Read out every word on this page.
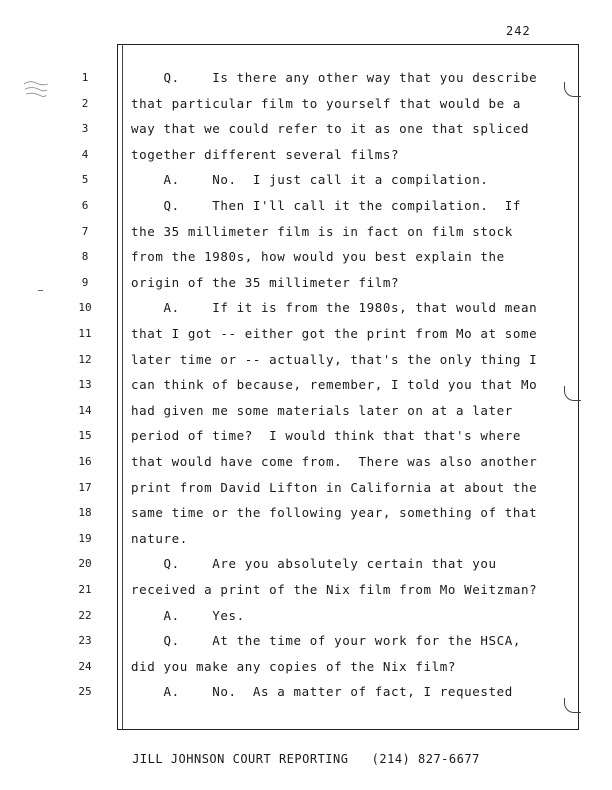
242
1	Q.    Is there any other way that you describe
2	that particular film to yourself that would be a
3	way that we could refer to it as one that spliced
4	together different several films?
5	A.    No.  I just call it a compilation.
6	Q.    Then I'll call it the compilation.  If
7	the 35 millimeter film is in fact on film stock
8	from the 1980s, how would you best explain the
9	origin of the 35 millimeter film?
10	A.    If it is from the 1980s, that would mean
11	that I got -- either got the print from Mo at some
12	later time or -- actually, that's the only thing I
13	can think of because, remember, I told you that Mo
14	had given me some materials later on at a later
15	period of time?  I would think that that's where
16	that would have come from.  There was also another
17	print from David Lifton in California at about the
18	same time or the following year, something of that
19	nature.
20	Q.    Are you absolutely certain that you
21	received a print of the Nix film from Mo Weitzman?
22	A.    Yes.
23	Q.    At the time of your work for the HSCA,
24	did you make any copies of the Nix film?
25	A.    No.  As a matter of fact, I requested
JILL JOHNSON COURT REPORTING   (214) 827-6677
